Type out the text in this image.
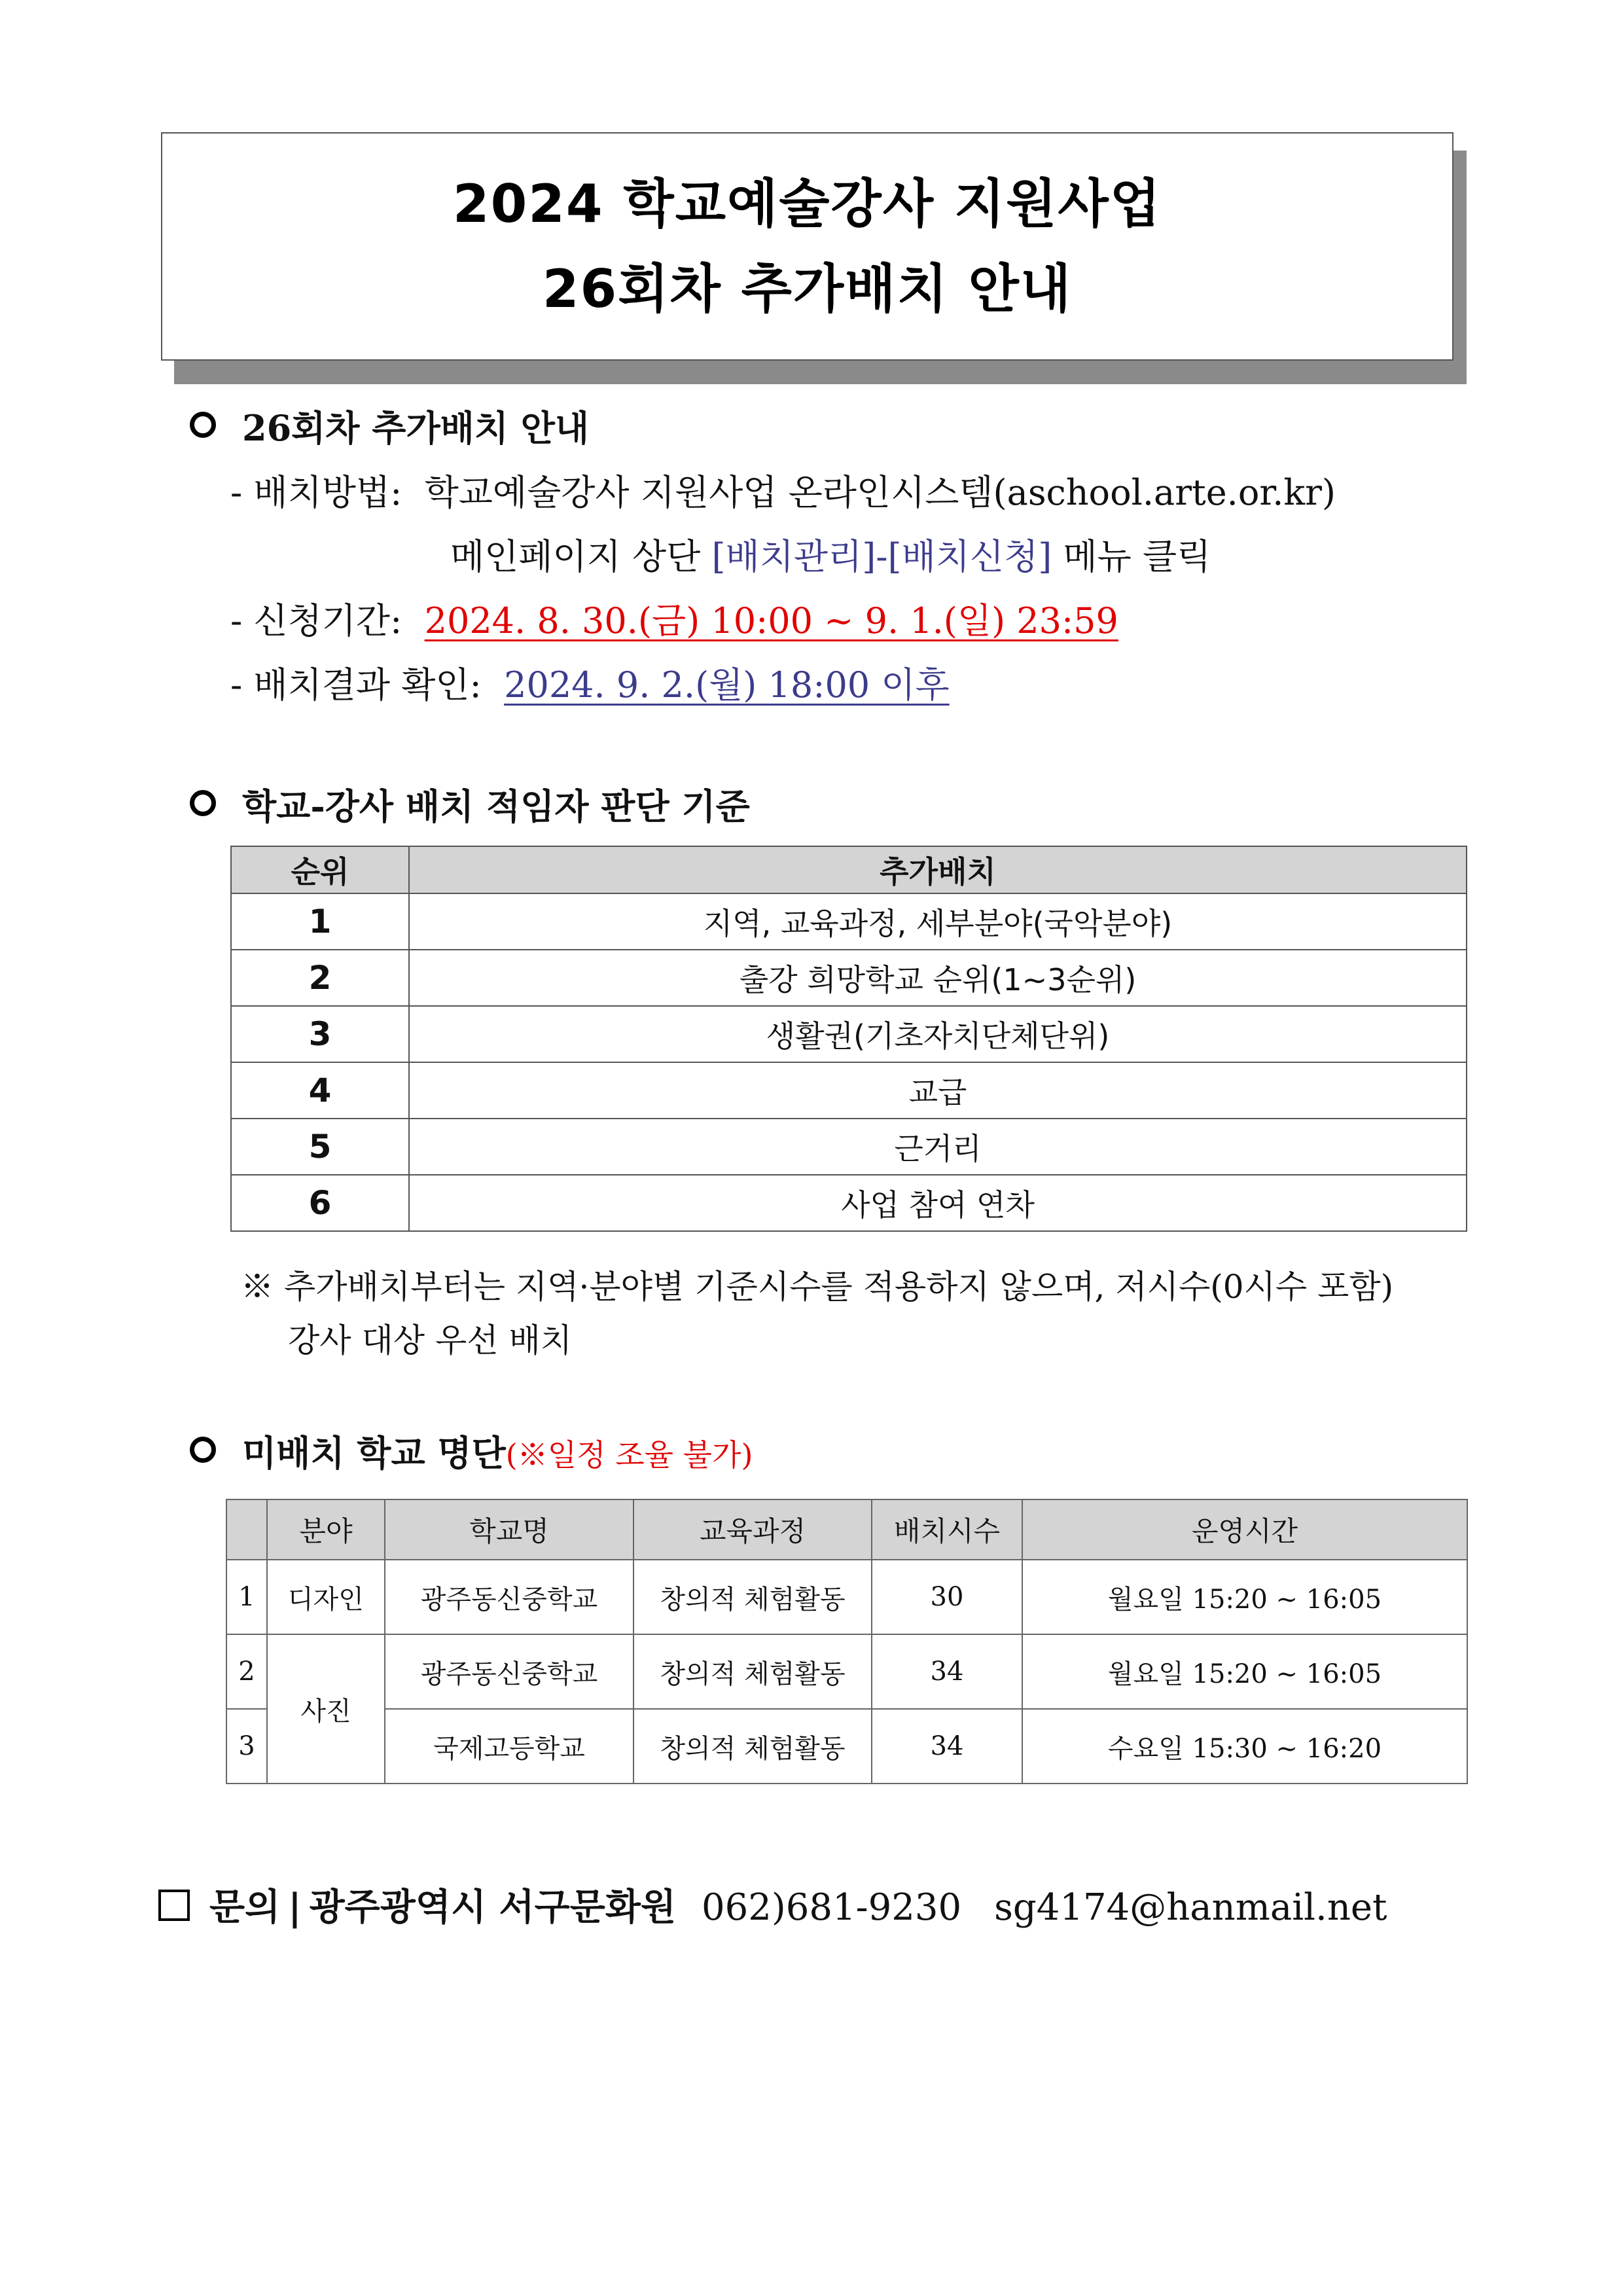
2024 학교예술강사 지원사업
26회차 추가배치 안내
26회차 추가배치 안내
- 배치방법: 학교예술강사 지원사업 온라인시스템(aschool.arte.or.kr)
메인페이지 상단 [배치관리]-[배치신청] 메뉴 클릭
- 신청기간: 2024. 8. 30.(금) 10:00 ~ 9. 1.(일) 23:59
- 배치결과 확인: 2024. 9. 2.(월) 18:00 이후
학교-강사 배치 적임자 판단 기준
순위	추가배치
1	지역, 교육과정, 세부분야(국악분야)
2	출강 희망학교 순위(1~3순위)
3	생활권(기초자치단체단위)
4	교급
5	근거리
6	사업 참여 연차
※ 추가배치부터는 지역·분야별 기준시수를 적용하지 않으며, 저시수(0시수 포함)
강사 대상 우선 배치
미배치 학교 명단(※일정 조율 불가)
	분야	학교명	교육과정	배치시수	운영시간
1	디자인	광주동신중학교	창의적 체험활동	30	월요일 15:20 ~ 16:05
2	사진	광주동신중학교	창의적 체험활동	34	월요일 15:20 ~ 16:05
3		국제고등학교	창의적 체험활동	34	수요일 15:30 ~ 16:20
문의 | 광주광역시 서구문화원 062)681-9230 sg4174@hanmail.net
